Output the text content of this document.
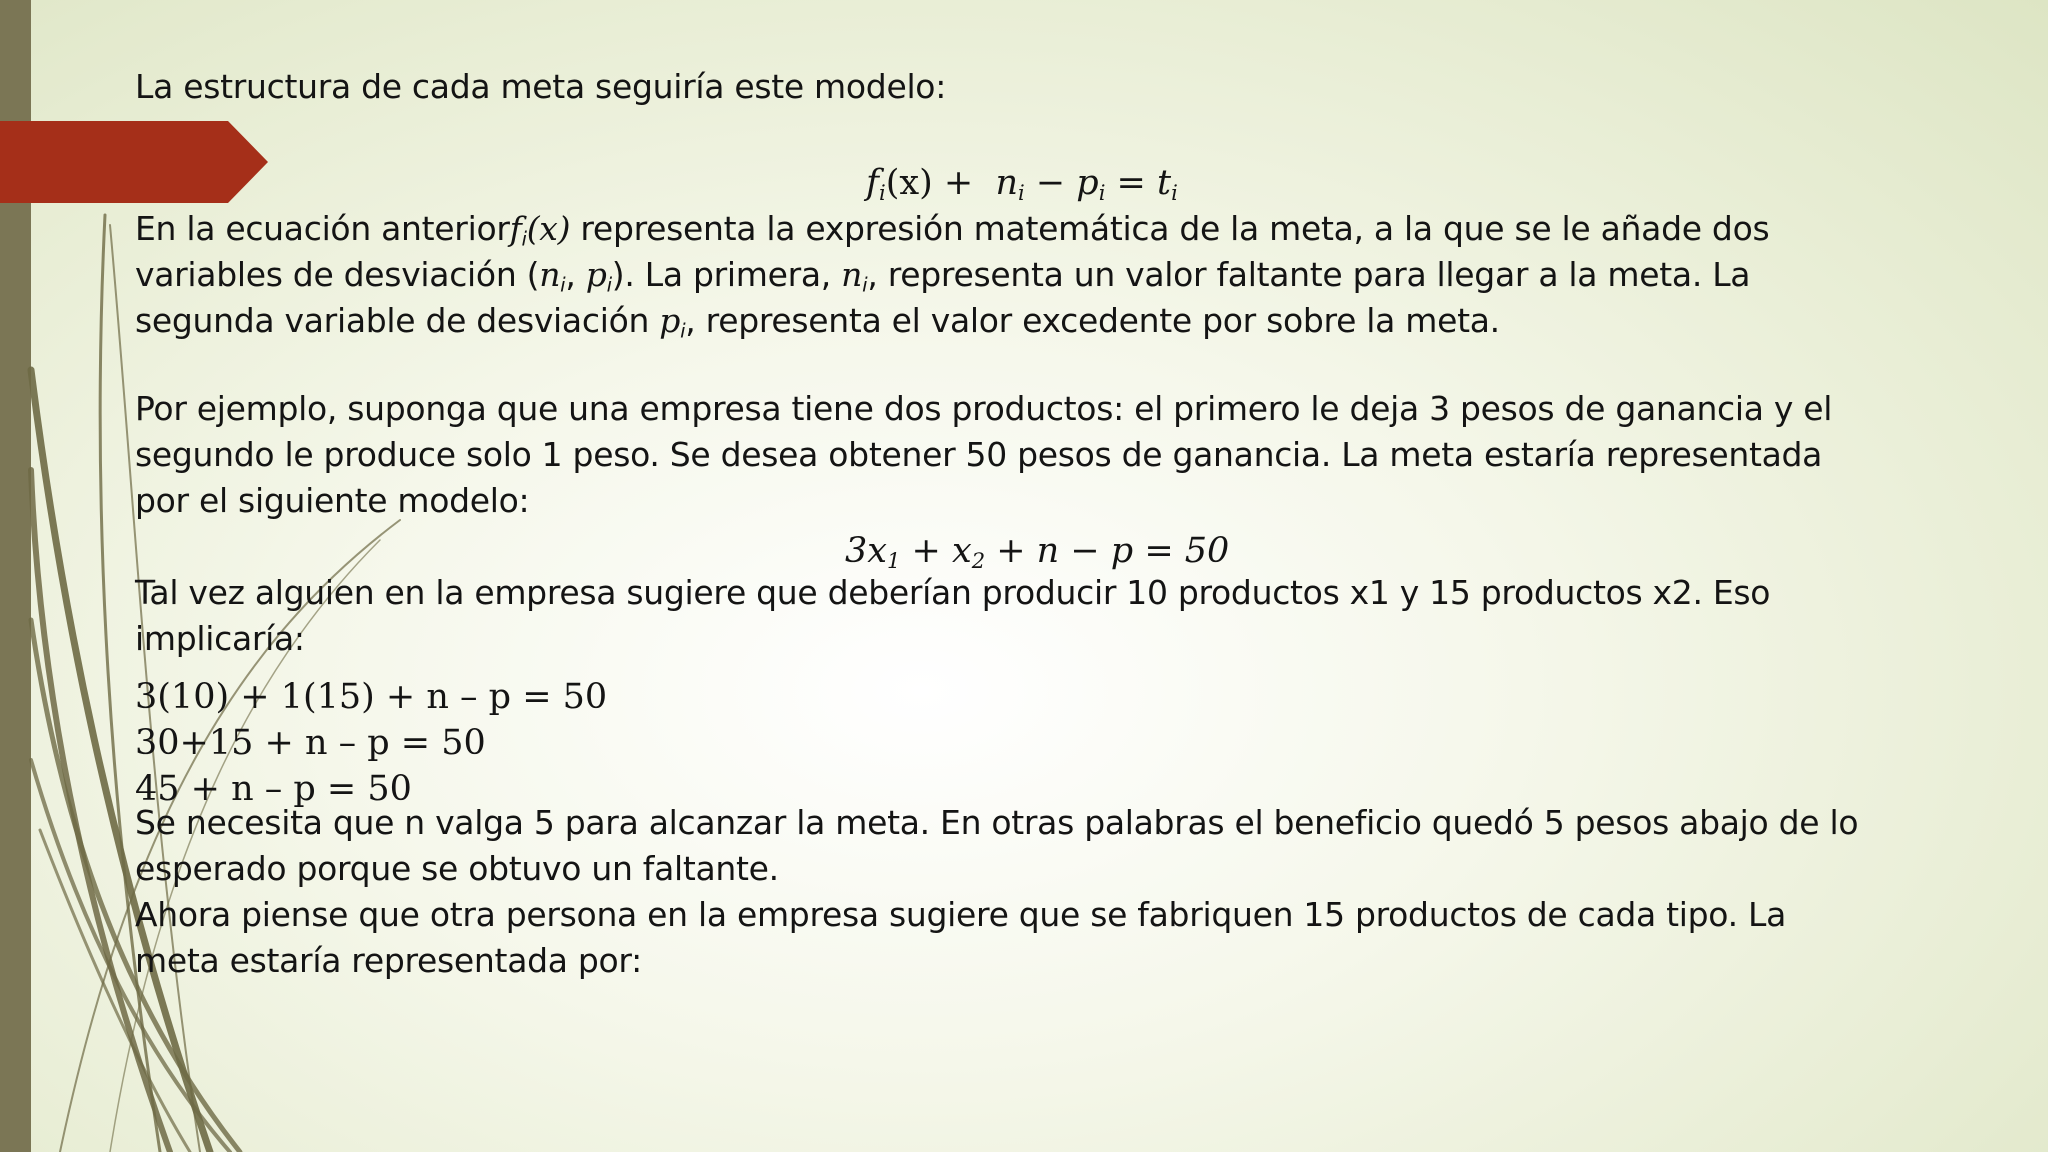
La estructura de cada meta seguiría este modelo:

$f_i(x) + n_i - p_i = t_i$

En la ecuación anteriorf$_i$(x) representa la expresión matemática de la meta, a la que se le añade dos

variables de desviación ($n_i$, $p_i$). La primera, $n_i$, representa un valor faltante para llegar a la meta. La

segunda variable de desviación $p_i$, representa el valor excedente por sobre la meta.

Por ejemplo, suponga que una empresa tiene dos productos: el primero le deja 3 pesos de ganancia y el

segundo le produce solo 1 peso. Se desea obtener 50 pesos de ganancia. La meta estaría representada

por el siguiente modelo:

$3x_1 + x_2 + n - p = 50$

Tal vez alguien en la empresa sugiere que deberían producir 10 productos x1 y 15 productos x2. Eso

implicaría:

3(10) + 1(15) + n – p = 50

30+15 + n – p = 50

45 + n – p = 50

Se necesita que n valga 5 para alcanzar la meta. En otras palabras el beneficio quedó 5 pesos abajo de lo

esperado porque se obtuvo un faltante.

Ahora piense que otra persona en la empresa sugiere que se fabriquen 15 productos de cada tipo. La

meta estaría representada por:
